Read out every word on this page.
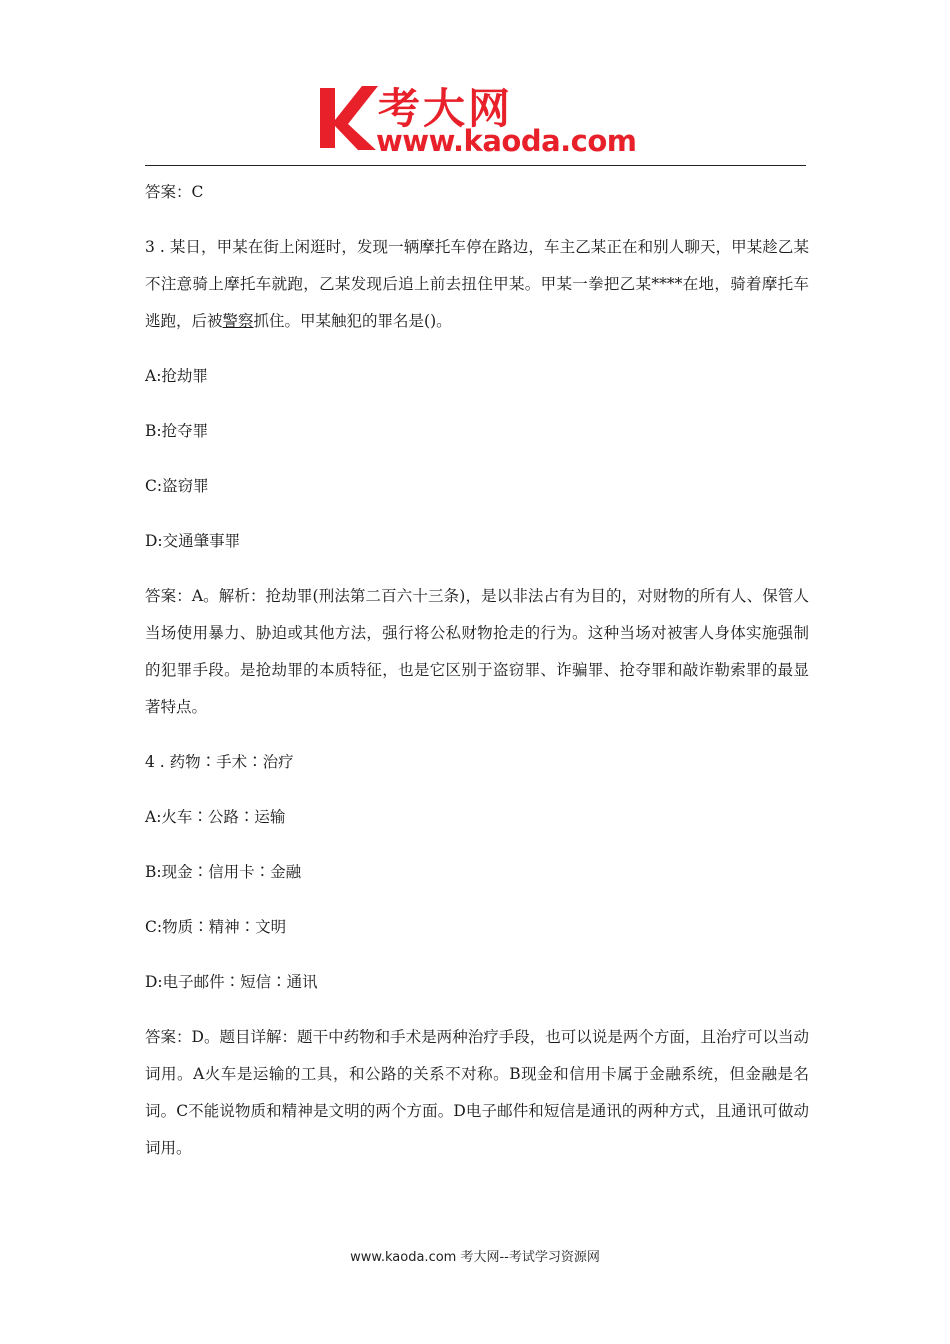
考大网
www.kaoda.com

答案：C

3 . 某日，甲某在街上闲逛时，发现一辆摩托车停在路边，车主乙某正在和别人聊天，甲某趁乙某不注意骑上摩托车就跑，乙某发现后追上前去扭住甲某。甲某一拳把乙某****在地，骑着摩托车逃跑，后被警察抓住。甲某触犯的罪名是()。

A:抢劫罪

B:抢夺罪

C:盗窃罪

D:交通肇事罪

答案：A。解析：抢劫罪(刑法第二百六十三条)，是以非法占有为目的，对财物的所有人、保管人当场使用暴力、胁迫或其他方法，强行将公私财物抢走的行为。这种当场对被害人身体实施强制的犯罪手段。是抢劫罪的本质特征，也是它区别于盗窃罪、诈骗罪、抢夺罪和敲诈勒索罪的最显著特点。

4 . 药物∶手术∶治疗

A:火车∶公路∶运输

B:现金∶信用卡∶金融

C:物质∶精神∶文明

D:电子邮件∶短信∶通讯

答案：D。题目详解：题干中药物和手术是两种治疗手段，也可以说是两个方面，且治疗可以当动词用。A火车是运输的工具，和公路的关系不对称。B现金和信用卡属于金融系统，但金融是名词。C不能说物质和精神是文明的两个方面。D电子邮件和短信是通讯的两种方式，且通讯可做动词用。

www.kaoda.com 考大网--考试学习资源网
